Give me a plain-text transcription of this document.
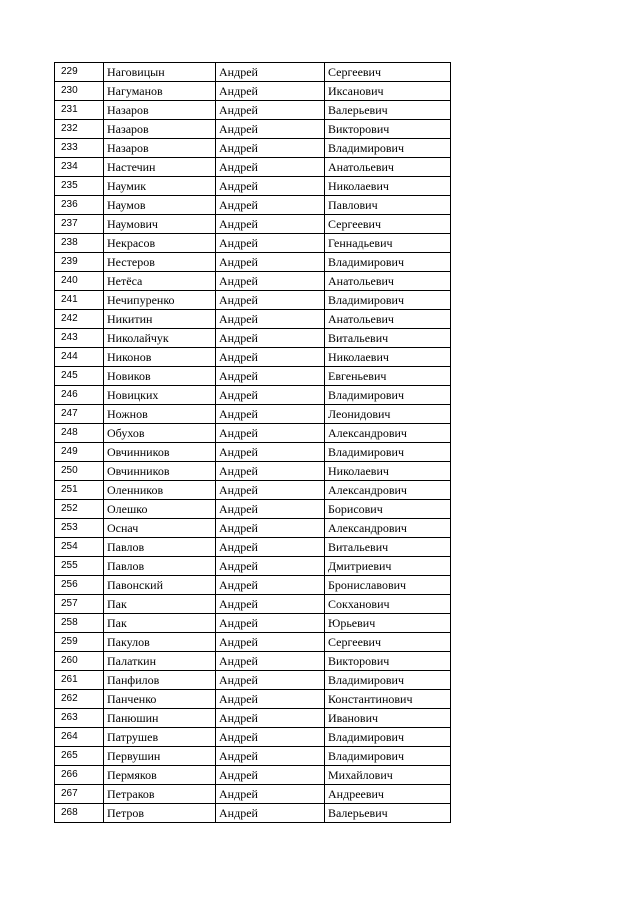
229	Наговицын	Андрей	Сергеевич
230	Нагуманов	Андрей	Иксанович
231	Назаров	Андрей	Валерьевич
232	Назаров	Андрей	Викторович
233	Назаров	Андрей	Владимирович
234	Настечин	Андрей	Анатольевич
235	Наумик	Андрей	Николаевич
236	Наумов	Андрей	Павлович
237	Наумович	Андрей	Сергеевич
238	Некрасов	Андрей	Геннадьевич
239	Нестеров	Андрей	Владимирович
240	Нетёса	Андрей	Анатольевич
241	Нечипуренко	Андрей	Владимирович
242	Никитин	Андрей	Анатольевич
243	Николайчук	Андрей	Витальевич
244	Никонов	Андрей	Николаевич
245	Новиков	Андрей	Евгеньевич
246	Новицких	Андрей	Владимирович
247	Ножнов	Андрей	Леонидович
248	Обухов	Андрей	Александрович
249	Овчинников	Андрей	Владимирович
250	Овчинников	Андрей	Николаевич
251	Оленников	Андрей	Александрович
252	Олешко	Андрей	Борисович
253	Оснач	Андрей	Александрович
254	Павлов	Андрей	Витальевич
255	Павлов	Андрей	Дмитриевич
256	Павонский	Андрей	Брониславович
257	Пак	Андрей	Сокханович
258	Пак	Андрей	Юрьевич
259	Пакулов	Андрей	Сергеевич
260	Палаткин	Андрей	Викторович
261	Панфилов	Андрей	Владимирович
262	Панченко	Андрей	Константинович
263	Панюшин	Андрей	Иванович
264	Патрушев	Андрей	Владимирович
265	Первушин	Андрей	Владимирович
266	Пермяков	Андрей	Михайлович
267	Петраков	Андрей	Андреевич
268	Петров	Андрей	Валерьевич
